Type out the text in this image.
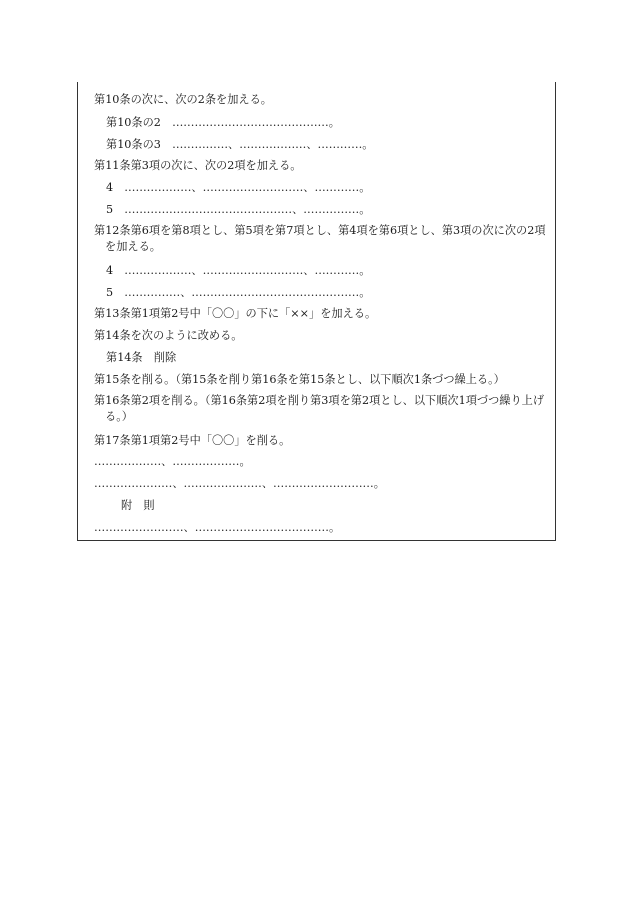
第10条の次に、次の2条を加える。
第10条の2　……………………………………。
第10条の3　……………、………………、…………。
第11条第3項の次に、次の2項を加える。
4　………………、………………………、…………。
5　………………………………………、……………。
第12条第6項を第8項とし、第5項を第7項とし、第4項を第6項とし、第3項の次に次の2項を加える。
4　………………、………………………、…………。
5　……………、………………………………………。
第13条第1項第2号中「〇〇」の下に「××」を加える。
第14条を次のように改める。
第14条　削除
第15条を削る。（第15条を削り第16条を第15条とし、以下順次1条づつ繰上る。）
第16条第2項を削る。（第16条第2項を削り第3項を第2項とし、以下順次1項づつ繰り上げる。）
第17条第1項第2号中「〇〇」を削る。
………………、………………。
…………………、…………………、………………………。
附　則
……………………、………………………………。
